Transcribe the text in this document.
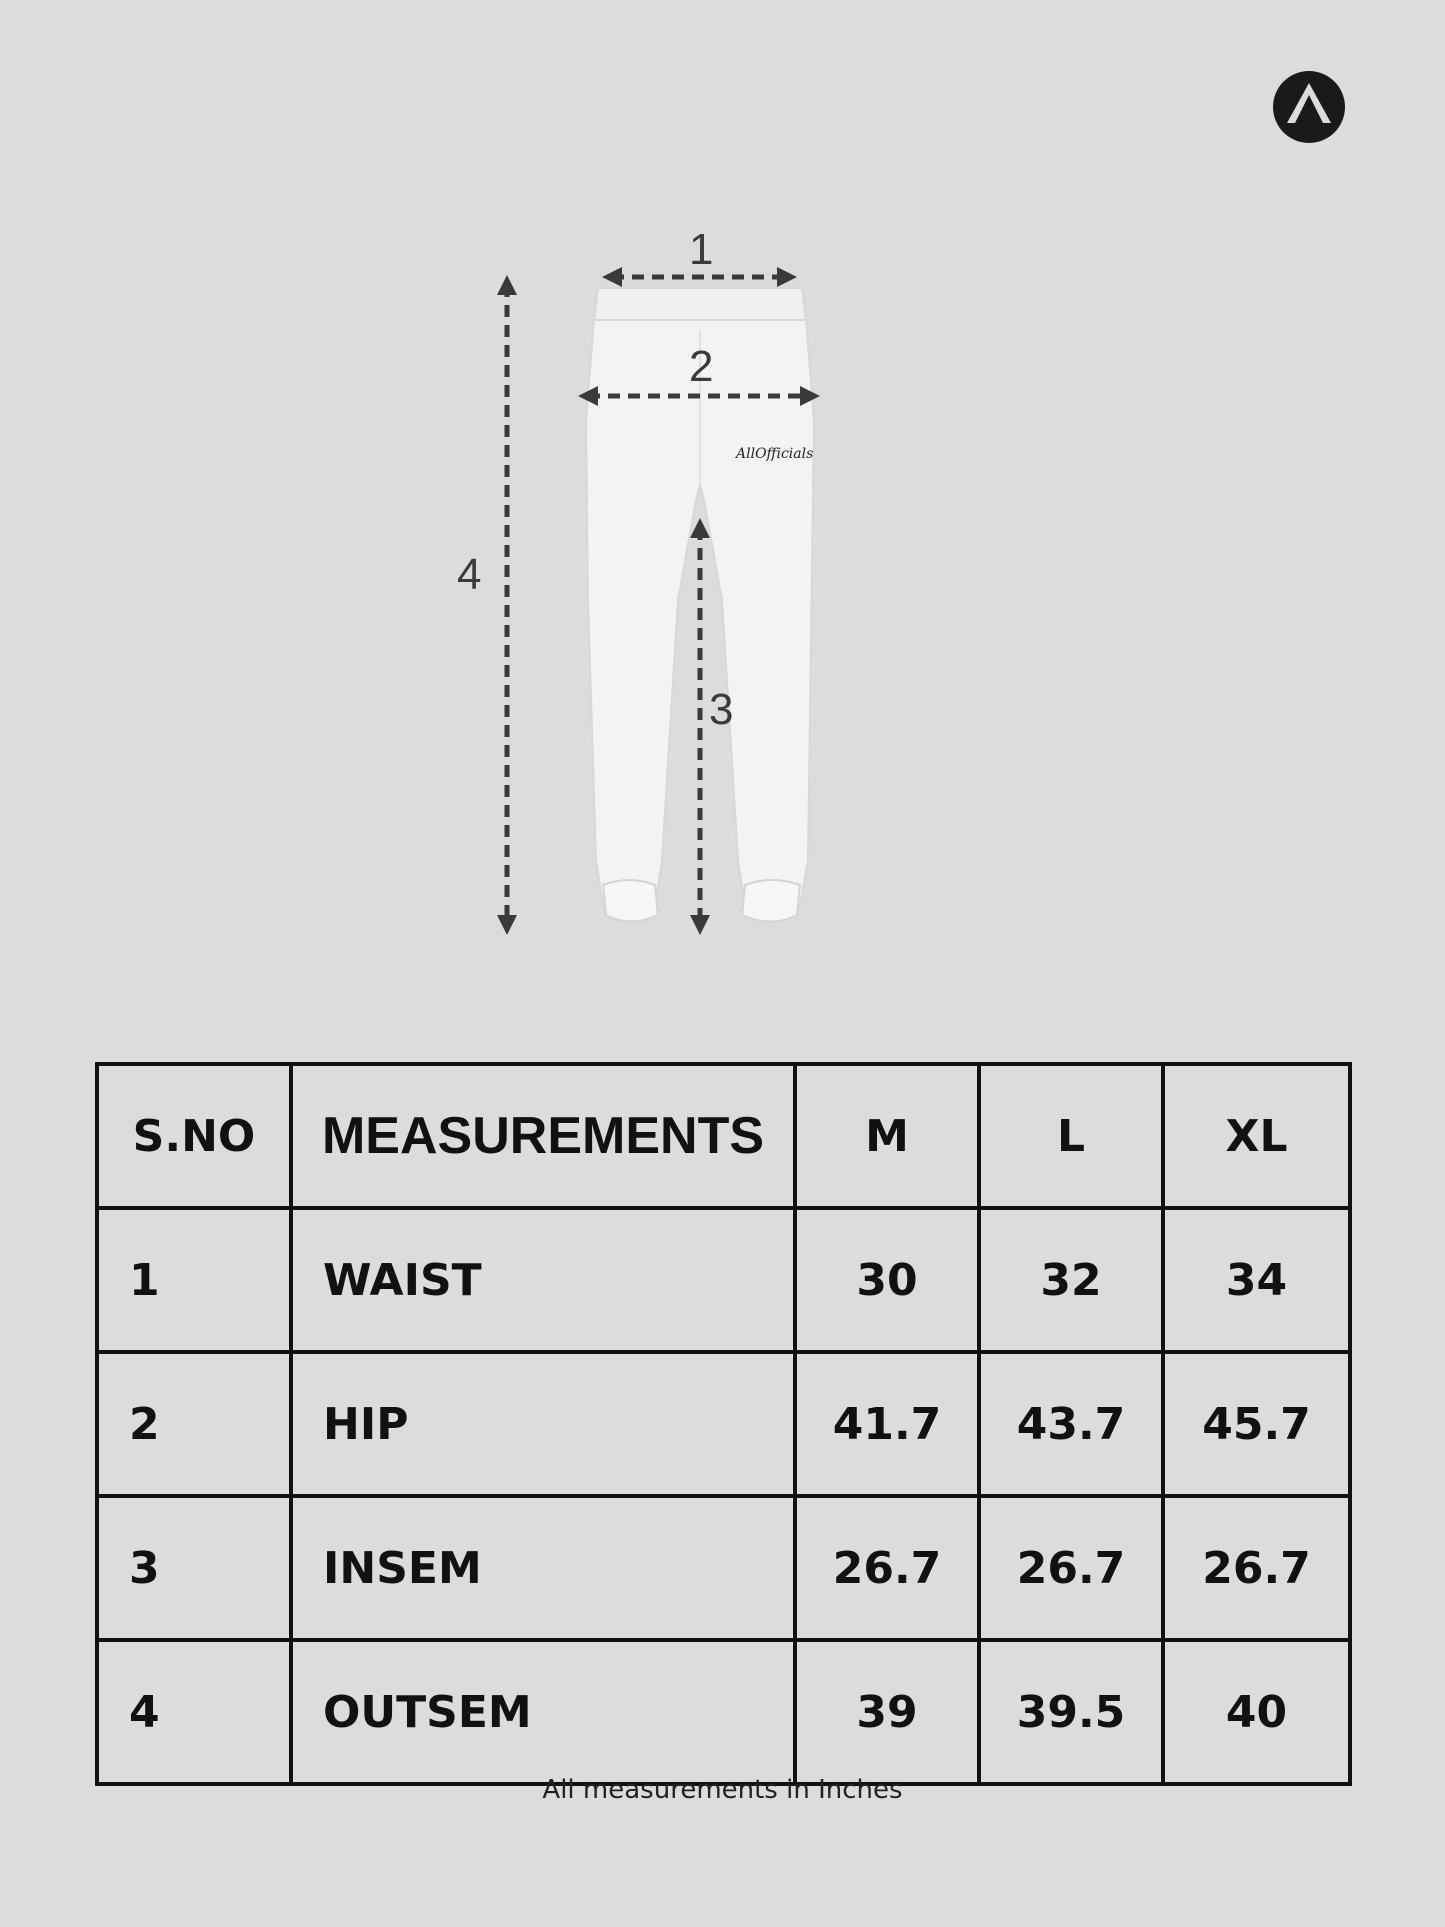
AllOfficials
1
2
3
4
S.NO	MEASUREMENTS	M	L	XL
1	WAIST	30	32	34
2	HIP	41.7	43.7	45.7
3	INSEM	26.7	26.7	26.7
4	OUTSEM	39	39.5	40
All measurements in Inches
